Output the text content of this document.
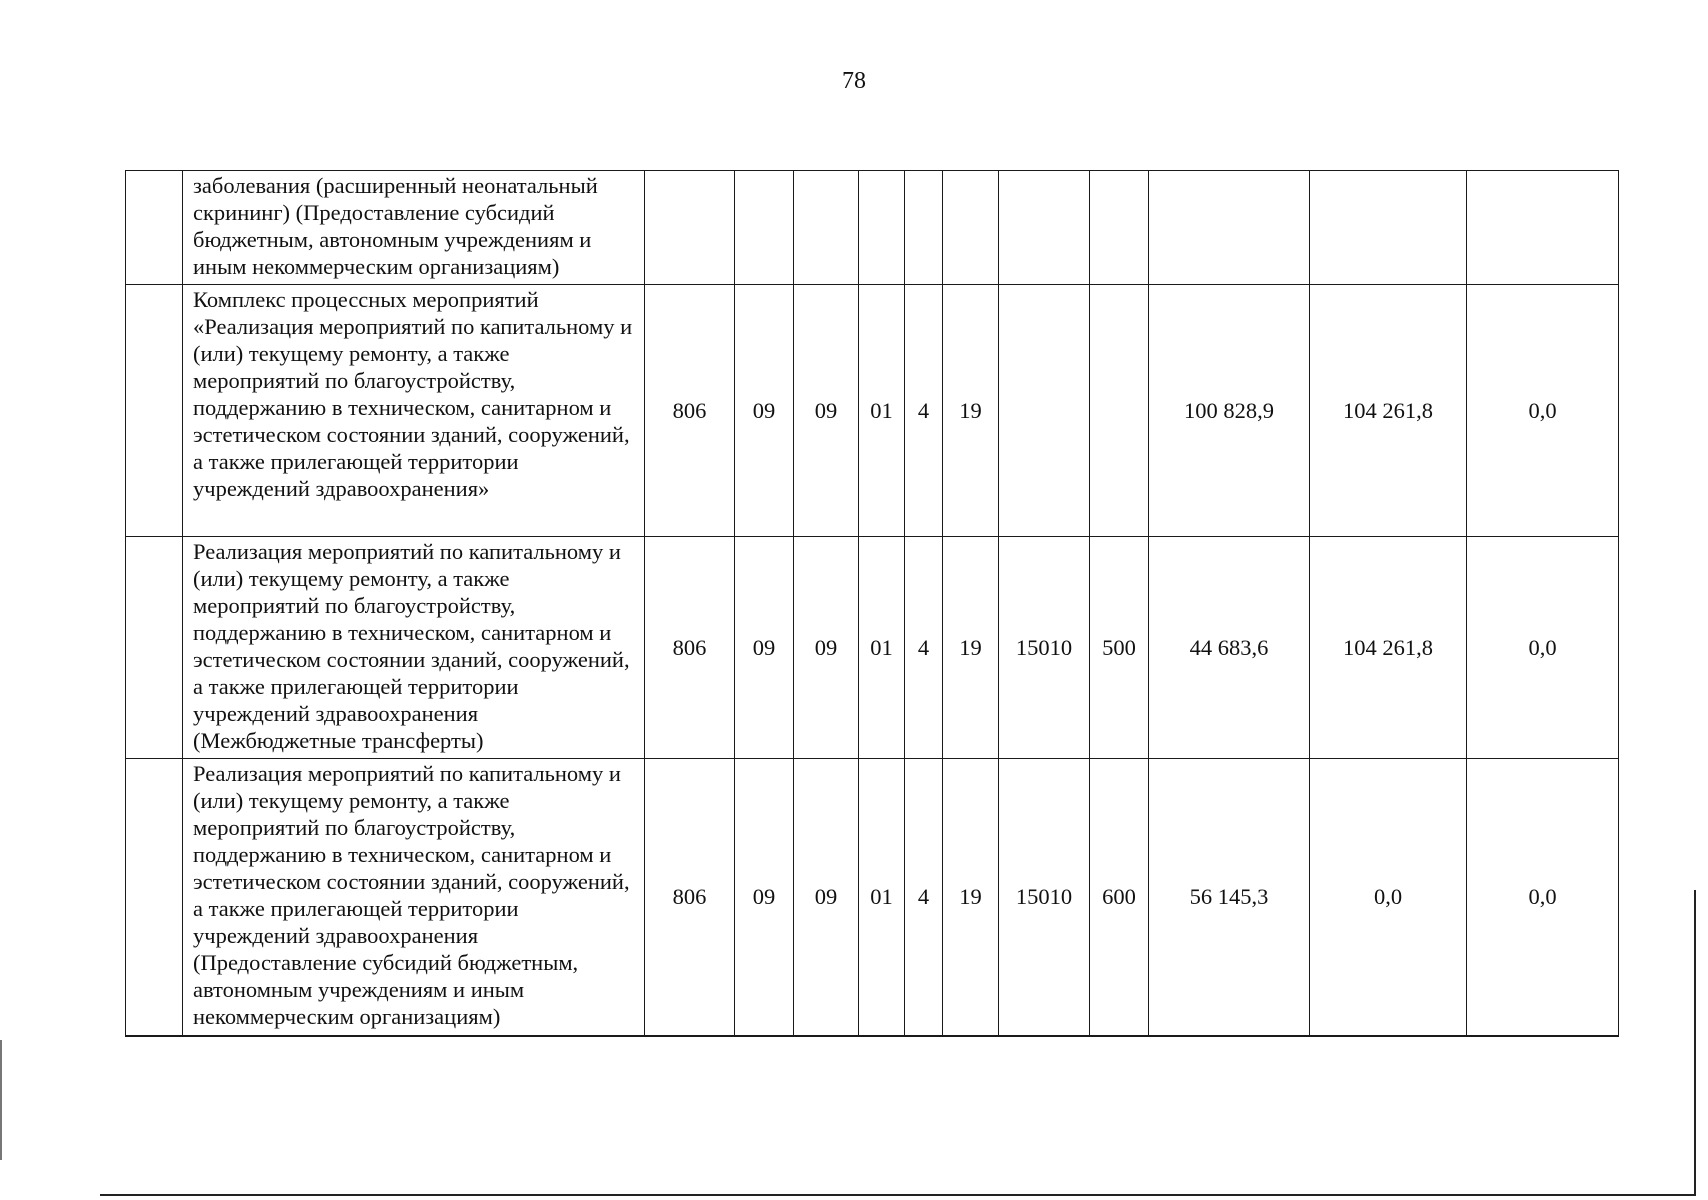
78
	заболевания (расширенный неонатальный скрининг) (Предоставление субсидий бюджетным, автономным учреждениям и иным некоммерческим организациям)											
	Комплекс процессных мероприятий «Реализация мероприятий по капитальному и (или) текущему ремонту, а также мероприятий по благоустройству, поддержанию в техническом, санитарном и эстетическом состоянии зданий, сооружений, а также прилегающей территории учреждений здравоохранения»	806	09	09	01	4	19			100 828,9	104 261,8	0,0
	Реализация мероприятий по капитальному и (или) текущему ремонту, а также мероприятий по благоустройству, поддержанию в техническом, санитарном и эстетическом состоянии зданий, сооружений, а также прилегающей территории учреждений здравоохранения (Межбюджетные трансферты)	806	09	09	01	4	19	15010	500	44 683,6	104 261,8	0,0
	Реализация мероприятий по капитальному и (или) текущему ремонту, а также мероприятий по благоустройству, поддержанию в техническом, санитарном и эстетическом состоянии зданий, сооружений, а также прилегающей территории учреждений здравоохранения (Предоставление субсидий бюджетным, автономным учреждениям и иным некоммерческим организациям)	806	09	09	01	4	19	15010	600	56 145,3	0,0	0,0
